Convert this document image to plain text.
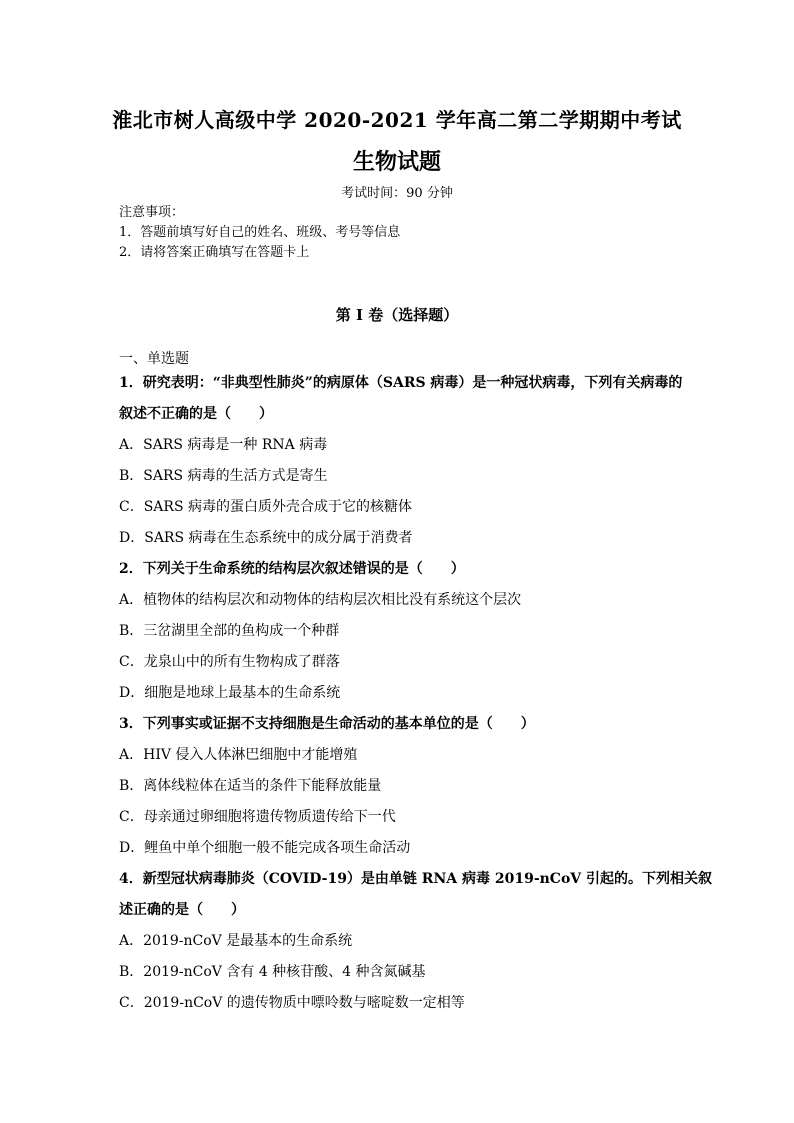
淮北市树人高级中学 2020-2021 学年高二第二学期期中考试
生物试题
考试时间：90 分钟
注意事项：
1．答题前填写好自己的姓名、班级、考号等信息
2．请将答案正确填写在答题卡上
第 I 卷（选择题）
一、单选题
1．研究表明：“非典型性肺炎”的病原体（SARS 病毒）是一种冠状病毒，下列有关病毒的
叙述不正确的是（　　）
A．SARS 病毒是一种 RNA 病毒
B．SARS 病毒的生活方式是寄生
C．SARS 病毒的蛋白质外壳合成于它的核糖体
D．SARS 病毒在生态系统中的成分属于消费者
2．下列关于生命系统的结构层次叙述错误的是（　　）
A．植物体的结构层次和动物体的结构层次相比没有系统这个层次
B．三岔湖里全部的鱼构成一个种群
C．龙泉山中的所有生物构成了群落
D．细胞是地球上最基本的生命系统
3．下列事实或证据不支持细胞是生命活动的基本单位的是（　　）
A．HIV 侵入人体淋巴细胞中才能增殖
B．离体线粒体在适当的条件下能释放能量
C．母亲通过卵细胞将遗传物质遗传给下一代
D．鲤鱼中单个细胞一般不能完成各项生命活动
4．新型冠状病毒肺炎（COVID-19）是由单链 RNA 病毒 2019-nCoV 引起的。下列相关叙
述正确的是（　　）
A．2019-nCoV 是最基本的生命系统
B．2019-nCoV 含有 4 种核苷酸、4 种含氮碱基
C．2019-nCoV 的遗传物质中嘌呤数与嘧啶数一定相等
